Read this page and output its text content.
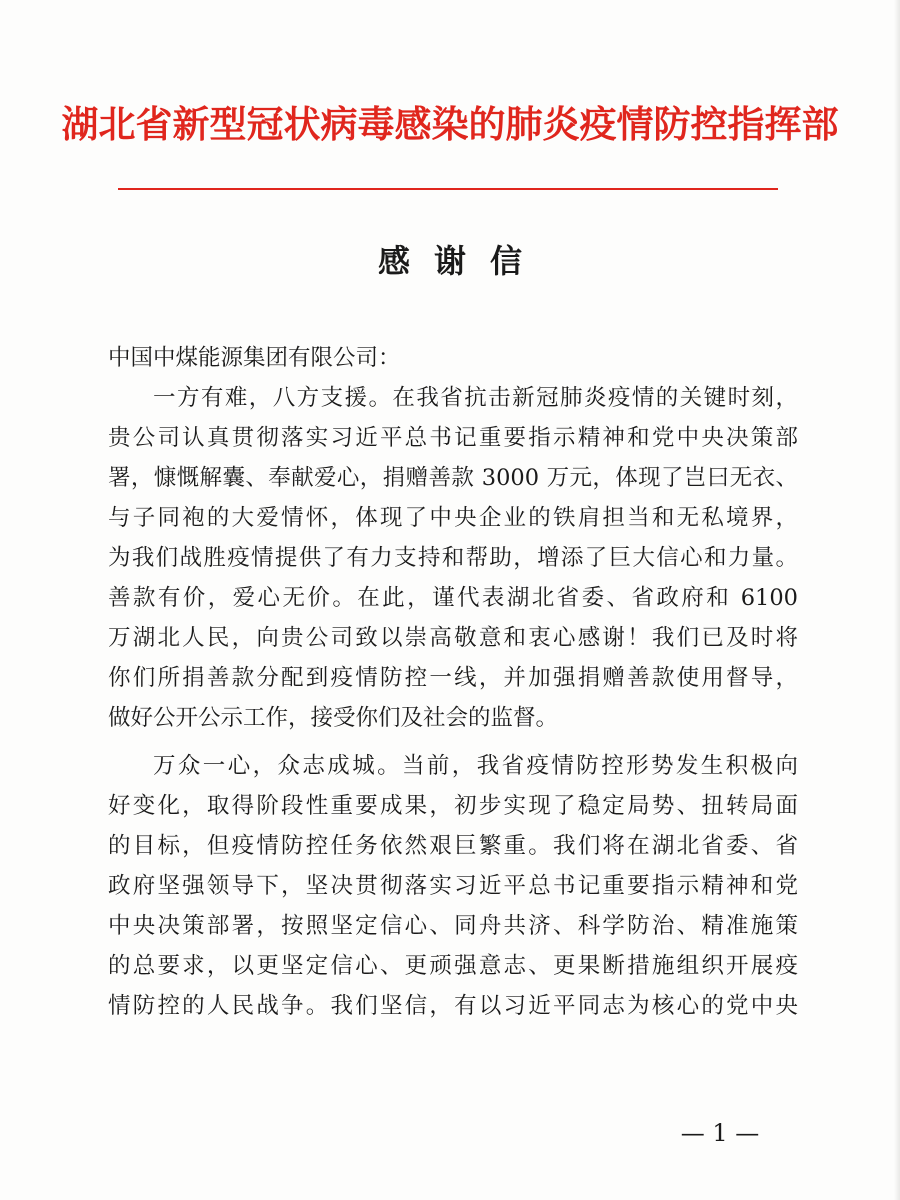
湖北省新型冠状病毒感染的肺炎疫情防控指挥部
感谢信

中国中煤能源集团有限公司：

一方有难，八方支援。在我省抗击新冠肺炎疫情的关键时刻，
贵公司认真贯彻落实习近平总书记重要指示精神和党中央决策部
署，慷慨解囊、奉献爱心，捐赠善款 3000 万元，体现了岂曰无衣、
与子同袍的大爱情怀，体现了中央企业的铁肩担当和无私境界，
为我们战胜疫情提供了有力支持和帮助，增添了巨大信心和力量。
善款有价，爱心无价。在此，谨代表湖北省委、省政府和 6100
万湖北人民，向贵公司致以崇高敬意和衷心感谢！我们已及时将
你们所捐善款分配到疫情防控一线，并加强捐赠善款使用督导，
做好公开公示工作，接受你们及社会的监督。

万众一心，众志成城。当前，我省疫情防控形势发生积极向
好变化，取得阶段性重要成果，初步实现了稳定局势、扭转局面
的目标，但疫情防控任务依然艰巨繁重。我们将在湖北省委、省
政府坚强领导下，坚决贯彻落实习近平总书记重要指示精神和党
中央决策部署，按照坚定信心、同舟共济、科学防治、精准施策
的总要求，以更坚定信心、更顽强意志、更果断措施组织开展疫
情防控的人民战争。我们坚信，有以习近平同志为核心的党中央

— 1 —
